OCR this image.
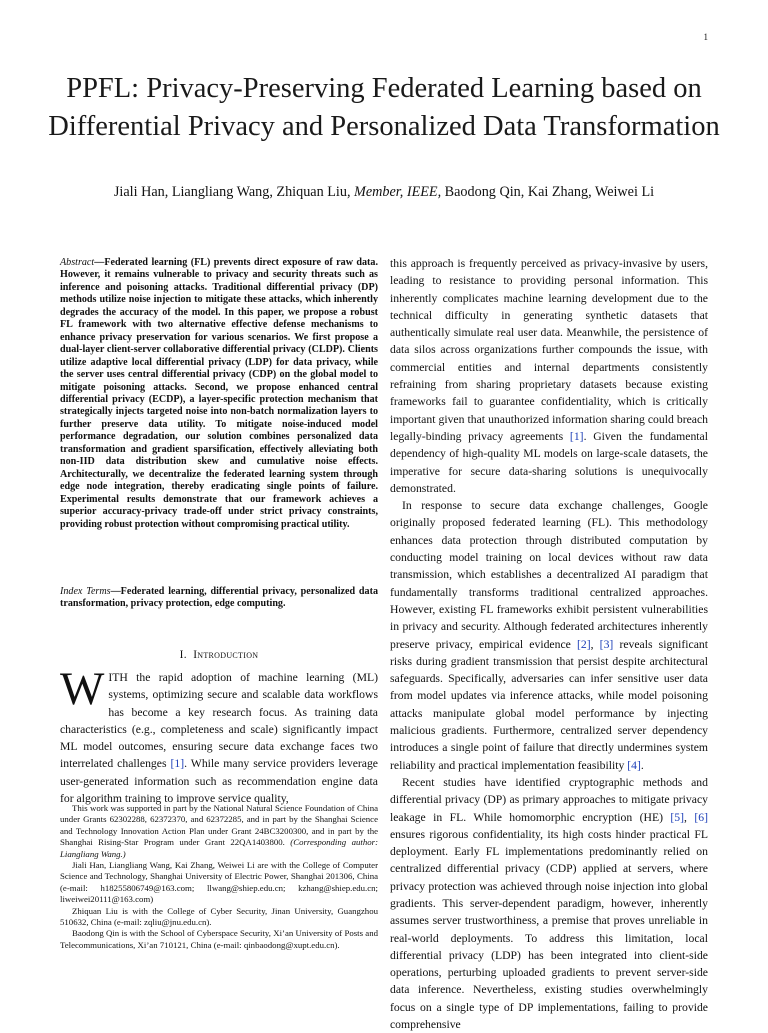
1
PPFL: Privacy-Preserving Federated Learning based on Differential Privacy and Personalized Data Transformation
Jiali Han, Liangliang Wang, Zhiquan Liu, Member, IEEE, Baodong Qin, Kai Zhang, Weiwei Li
Abstract—Federated learning (FL) prevents direct exposure of raw data. However, it remains vulnerable to privacy and security threats such as inference and poisoning attacks. Traditional differential privacy (DP) methods utilize noise injection to mitigate these attacks, which inherently degrades the accuracy of the model. In this paper, we propose a robust FL framework with two alternative effective defense mechanisms to enhance privacy preservation for various scenarios. We first propose a dual-layer client-server collaborative differential privacy (CLDP). Clients utilize adaptive local differential privacy (LDP) for data privacy, while the server uses central differential privacy (CDP) on the global model to mitigate poisoning attacks. Second, we propose enhanced central differential privacy (ECDP), a layer-specific protection mechanism that strategically injects targeted noise into non-batch normalization layers to further preserve data utility. To mitigate noise-induced model performance degradation, our solution combines personalized data transformation and gradient sparsification, effectively alleviating both non-IID data distribution skew and cumulative noise effects. Architecturally, we decentralize the federated learning system through edge node integration, thereby eradicating single points of failure. Experimental results demonstrate that our framework achieves a superior accuracy-privacy trade-off under strict privacy constraints, providing robust protection without compromising practical utility.
Index Terms—Federated learning, differential privacy, personalized data transformation, privacy protection, edge computing.
I. Introduction
WITH the rapid adoption of machine learning (ML) systems, optimizing secure and scalable data workflows has become a key research focus. As training data characteristics (e.g., completeness and scale) significantly impact ML model outcomes, ensuring secure data exchange faces two interrelated challenges [1]. While many service providers leverage user-generated information such as recommendation engine data for algorithm training to improve service quality,

This work was supported in part by the National Natural Science Foundation of China under Grants 62302288, 62372370, and 62372285, and in part by the Shanghai Science and Technology Innovation Action Plan under Grant 24BC3200300, and in part by the Shanghai Rising-Star Program under Grant 22QA1403800. (Corresponding author: Liangliang Wang.)

Jiali Han, Liangliang Wang, Kai Zhang, Weiwei Li are with the College of Computer Science and Technology, Shanghai University of Electric Power, Shanghai 201306, China (e-mail: h18255806749@163.com; llwang@shiep.edu.cn; kzhang@shiep.edu.cn; liweiwei20111@163.com)

Zhiquan Liu is with the College of Cyber Security, Jinan University, Guangzhou 510632, China (e-mail: zqliu@jnu.edu.cn).

Baodong Qin is with the School of Cyberspace Security, Xi’an University of Posts and Telecommunications, Xi’an 710121, China (e-mail: qinbaodong@xupt.edu.cn).

this approach is frequently perceived as privacy-invasive by users, leading to resistance to providing personal information. This inherently complicates machine learning development due to the technical difficulty in generating synthetic datasets that authentically simulate real user data. Meanwhile, the persistence of data silos across organizations further compounds the issue, with commercial entities and internal departments consistently refraining from sharing proprietary datasets because existing frameworks fail to guarantee confidentiality, which is critically important given that unauthorized information sharing could breach legally-binding privacy agreements [1]. Given the fundamental dependency of high-quality ML models on large-scale datasets, the imperative for secure data-sharing solutions is unequivocally demonstrated.

In response to secure data exchange challenges, Google originally proposed federated learning (FL). This methodology enhances data protection through distributed computation by conducting model training on local devices without raw data transmission, which establishes a decentralized AI paradigm that fundamentally transforms traditional centralized approaches. However, existing FL frameworks exhibit persistent vulnerabilities in privacy and security. Although federated architectures inherently preserve privacy, empirical evidence [2], [3] reveals significant risks during gradient transmission that persist despite architectural safeguards. Specifically, adversaries can infer sensitive user data from model updates via inference attacks, while model poisoning attacks manipulate global model performance by injecting malicious gradients. Furthermore, centralized server dependency introduces a single point of failure that directly undermines system reliability and practical implementation feasibility [4].

Recent studies have identified cryptographic methods and differential privacy (DP) as primary approaches to mitigate privacy leakage in FL. While homomorphic encryption (HE) [5], [6] ensures rigorous confidentiality, its high costs hinder practical FL deployment. Early FL implementations predominantly relied on centralized differential privacy (CDP) applied at servers, where privacy protection was achieved through noise injection into global gradients. This server-dependent paradigm, however, inherently assumes server trustworthiness, a premise that proves unreliable in real-world deployments. To address this limitation, local differential privacy (LDP) has been integrated into client-side operations, perturbing uploaded gradients to prevent server-side data inference. Nevertheless, existing studies overwhelmingly focus on a single type of DP implementations, failing to provide comprehensive
